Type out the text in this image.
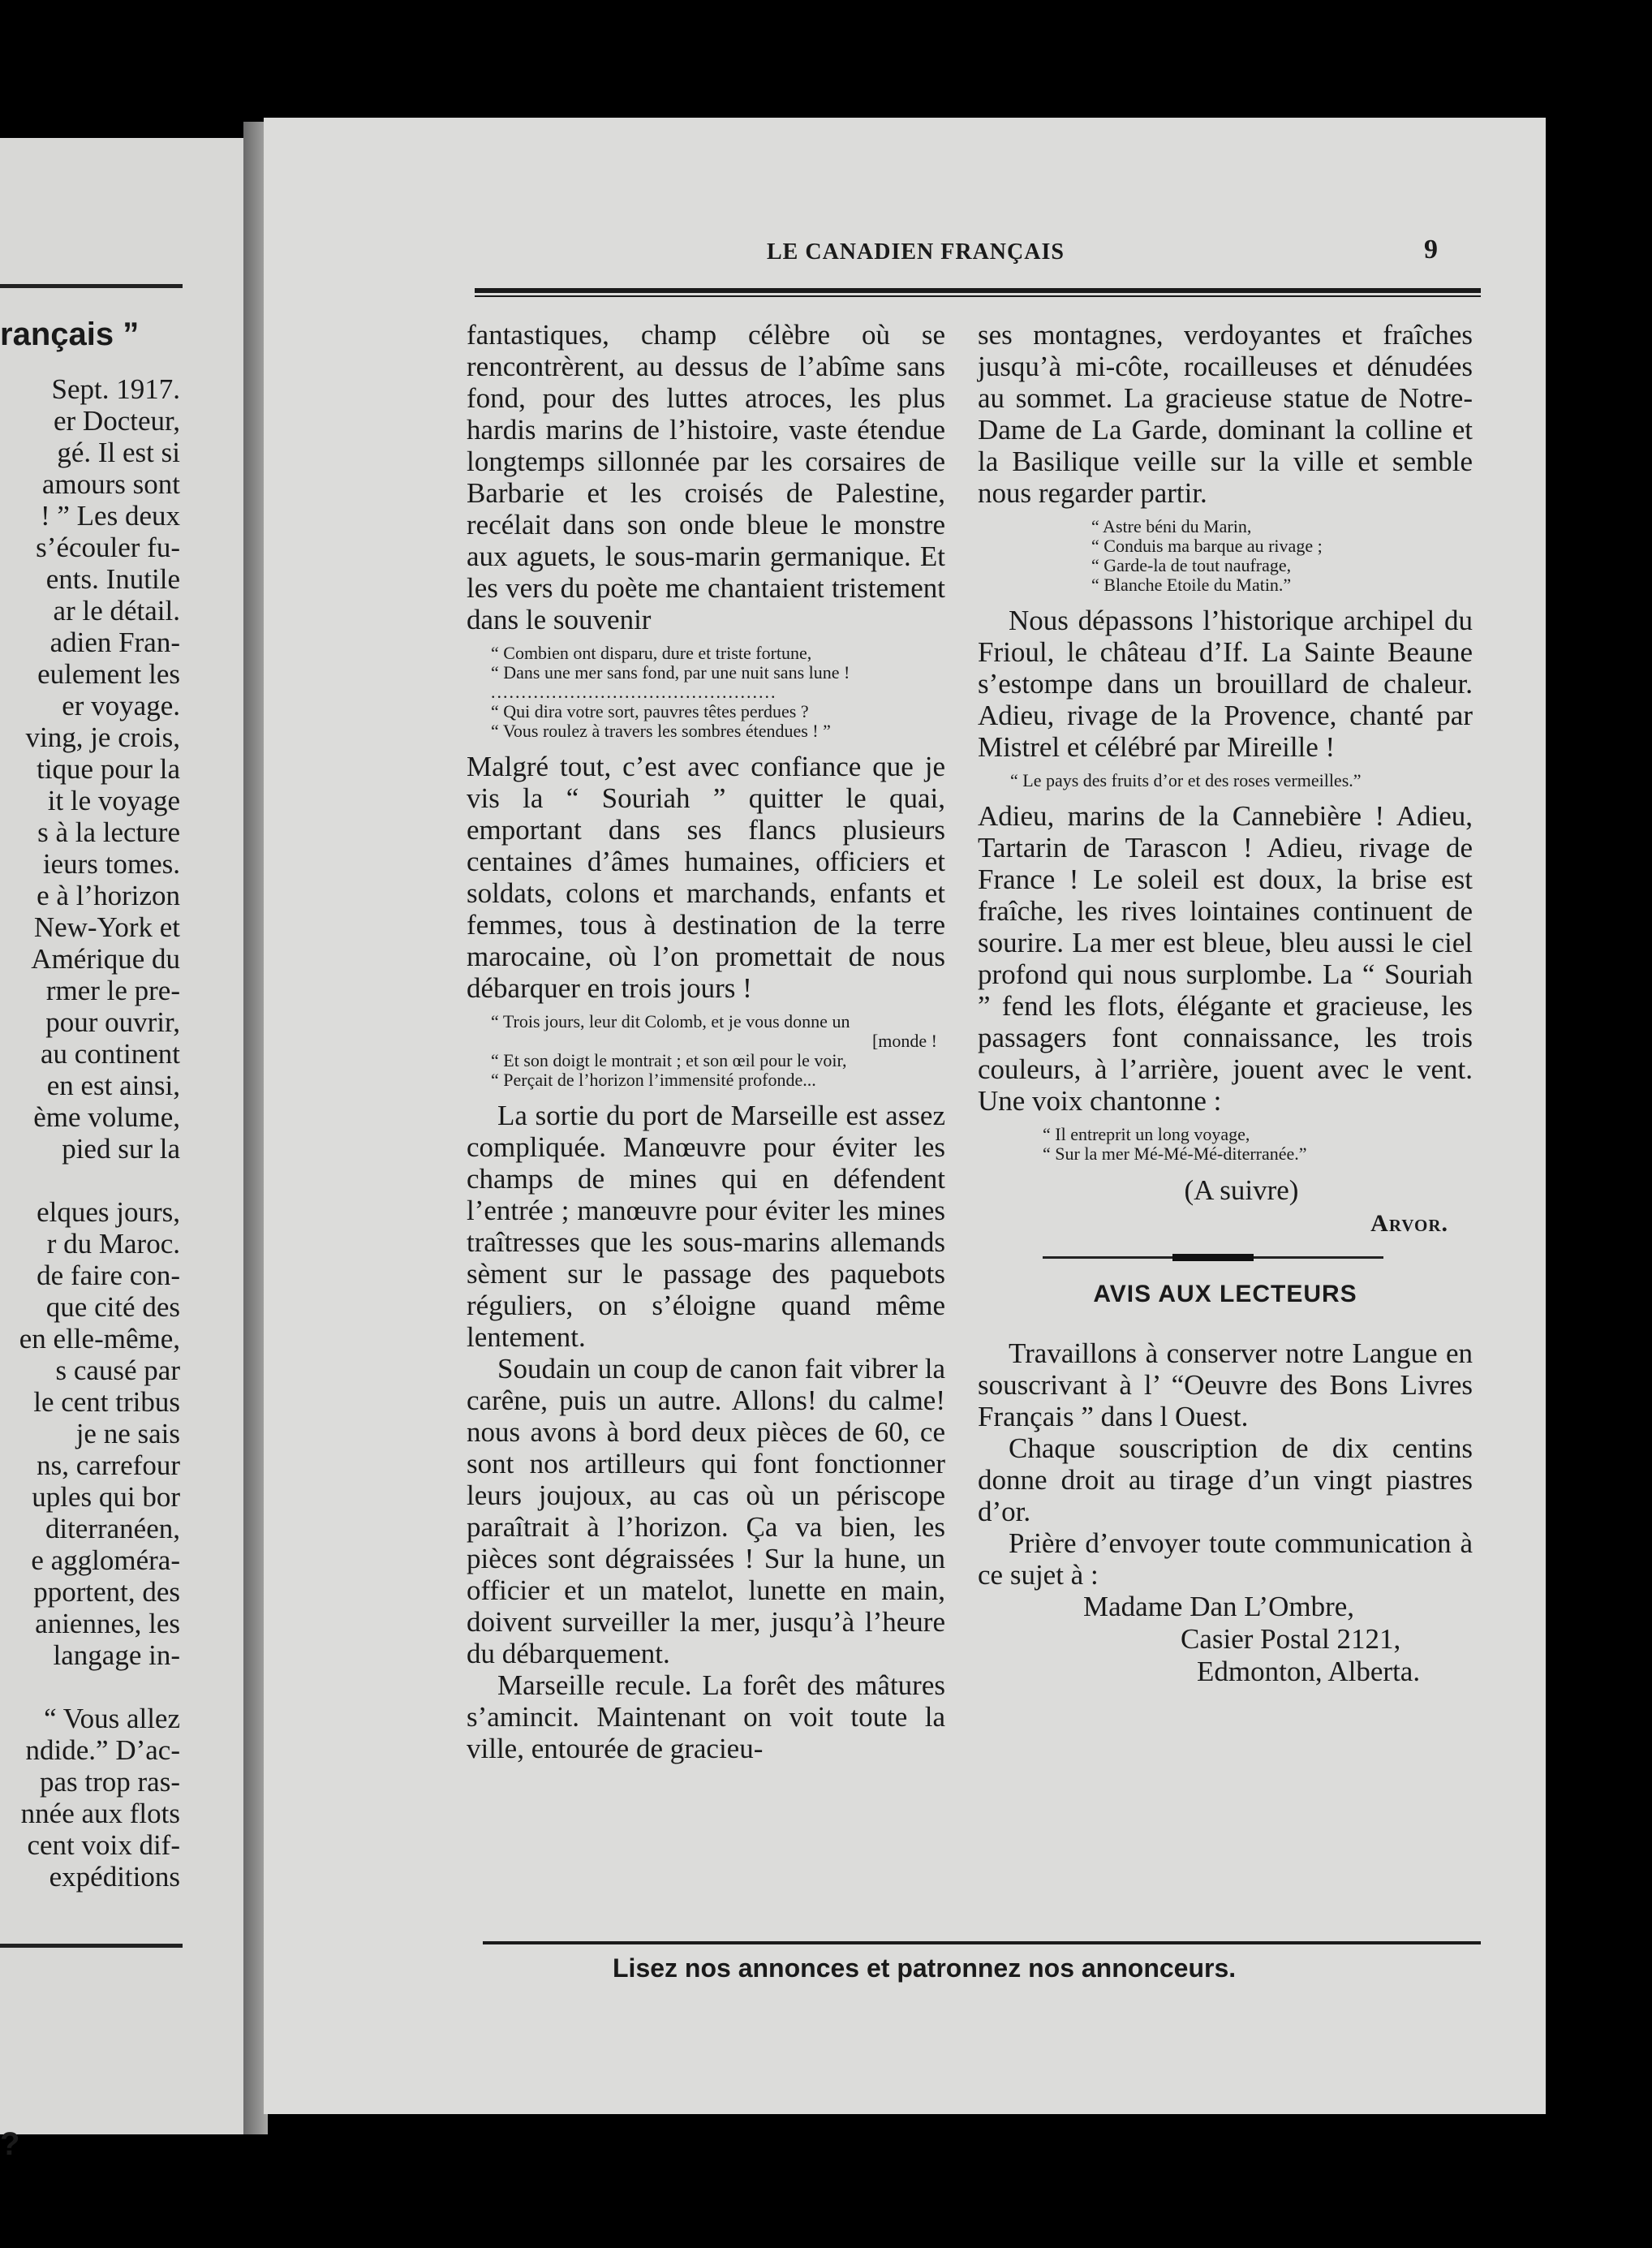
rançais ”
Sept. 1917.
er Docteur,
gé. Il est si
amours sont
! ” Les deux
s’écouler fu-
ents. Inutile
ar le détail.
adien Fran-
eulement les
er voyage.
ving, je crois,
tique pour la
it le voyage
s à la lecture
ieurs tomes.
e à l’horizon
New-York et
Amérique du
rmer le pre-
pour ouvrir,
au continent
en est ainsi,
ème volume,
pied sur la
elques jours,
r du Maroc.
de faire con-
que cité des
en elle-même,
s causé par
le cent tribus
je ne sais
ns, carrefour
uples qui bor
diterranéen,
e aggloméra-
pportent, des
aniennes, les
langage in-
“ Vous allez
ndide.” D’ac-
pas trop ras-
nnée aux flots
cent voix dif-
expéditions
?
LE CANADIEN FRANÇAIS	9

fantastiques, champ célèbre où se rencontrèrent, au dessus de l’abîme sans fond, pour des luttes atroces, les plus hardis marins de l’histoire, vaste étendue longtemps sillonnée par les corsaires de Barbarie et les croisés de Palestine, recélait dans son onde bleue le monstre aux aguets, le sous-marin germanique. Et les vers du poète me chantaient tristement dans le souvenir

“ Combien ont disparu, dure et triste fortune,
“ Dans une mer sans fond, par une nuit sans lune !
...............................................
“ Qui dira votre sort, pauvres têtes perdues ?
“ Vous roulez à travers les sombres étendues ! ”

Malgré tout, c’est avec confiance que je vis la “ Souriah ” quitter le quai, emportant dans ses flancs plusieurs centaines d’âmes humaines, officiers et soldats, colons et marchands, enfants et femmes, tous à destination de la terre marocaine, où l’on promettait de nous débarquer en trois jours !

“ Trois jours, leur dit Colomb, et je vous donne un
[monde !
“ Et son doigt le montrait ; et son œil pour le voir,
“ Perçait de l’horizon l’immensité profonde...

La sortie du port de Marseille est assez compliquée. Manœuvre pour éviter les champs de mines qui en défendent l’entrée ; manœuvre pour éviter les mines traîtresses que les sous-marins allemands sèment sur le passage des paquebots réguliers, on s’éloigne quand même lentement.

Soudain un coup de canon fait vibrer la carêne, puis un autre. Allons! du calme! nous avons à bord deux pièces de 60, ce sont nos artilleurs qui font fonctionner leurs joujoux, au cas où un périscope paraîtrait à l’horizon. Ça va bien, les pièces sont dégraissées ! Sur la hune, un officier et un matelot, lunette en main, doivent surveiller la mer, jusqu’à l’heure du débarquement.

Marseille recule. La forêt des mâtures s’amincit. Maintenant on voit toute la ville, entourée de gracieu-

ses montagnes, verdoyantes et fraîches jusqu’à mi-côte, rocailleuses et dénudées au sommet. La gracieuse statue de Notre-Dame de La Garde, dominant la colline et la Basilique veille sur la ville et semble nous regarder partir.

“ Astre béni du Marin,
“ Conduis ma barque au rivage ;
“ Garde-la de tout naufrage,
“ Blanche Etoile du Matin.”

Nous dépassons l’historique archipel du Frioul, le château d’If. La Sainte Beaune s’estompe dans un brouillard de chaleur. Adieu, rivage de la Provence, chanté par Mistrel et célébré par Mireille !

“ Le pays des fruits d’or et des roses vermeilles.”

Adieu, marins de la Cannebière ! Adieu, Tartarin de Tarascon ! Adieu, rivage de France ! Le soleil est doux, la brise est fraîche, les rives lointaines continuent de sourire. La mer est bleue, bleu aussi le ciel profond qui nous surplombe. La “ Souriah ” fend les flots, élégante et gracieuse, les passagers font connaissance, les trois couleurs, à l’arrière, jouent avec le vent. Une voix chantonne :

“ Il entreprit un long voyage,
“ Sur la mer Mé-Mé-Mé-diterranée.”
(A suivre)
Arvor.
AVIS AUX LECTEURS

Travaillons à conserver notre Langue en souscrivant à l’ “Oeuvre des Bons Livres Français ” dans l Ouest.

Chaque souscription de dix centins donne droit au tirage d’un vingt piastres d’or.

Prière d’envoyer toute communication à ce sujet à :

Madame Dan L’Ombre,
Casier Postal 2121,
Edmonton, Alberta.
Lisez nos annonces et patronnez nos annonceurs.
